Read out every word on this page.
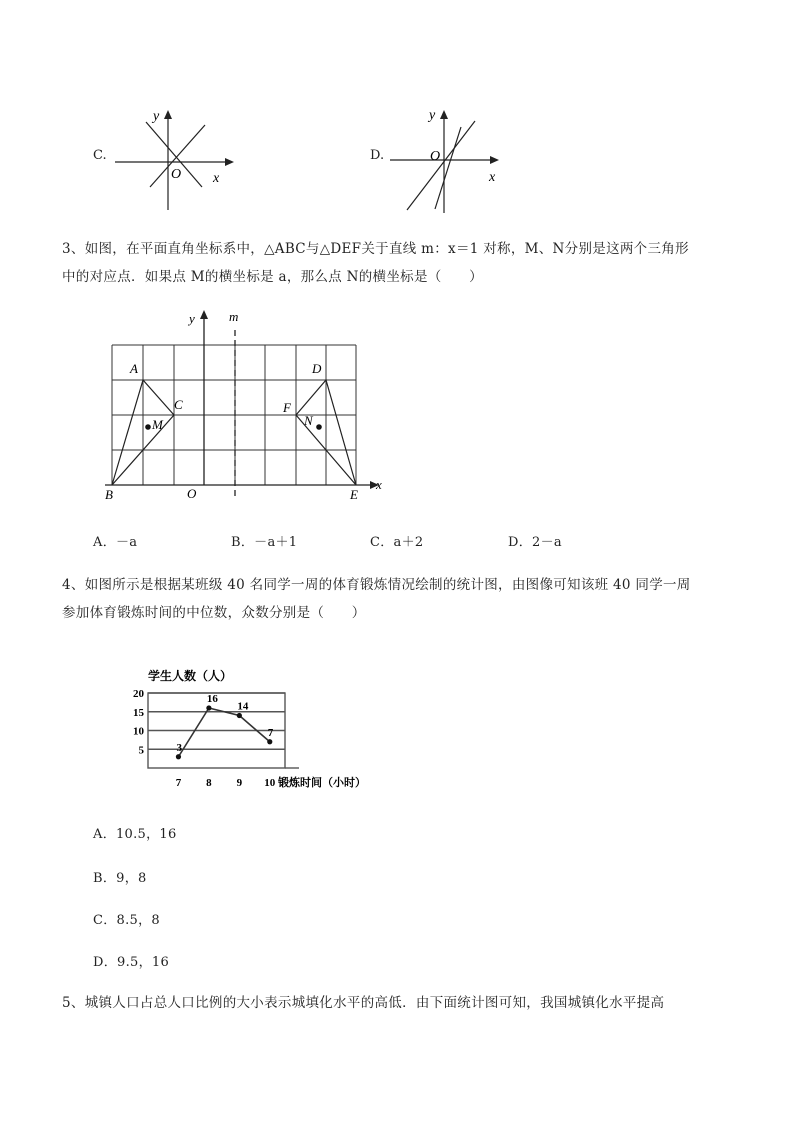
C.
x
y
O
D.
x
y
O
3、如图，在平面直角坐标系中，△ABC与△DEF关于直线 m：x＝1 对称，M、N分别是这两个三角形
中的对应点．如果点 M的横坐标是 a，那么点 N的横坐标是（　　）
y	m
x
O
A
B
C
M
D
E
F
N
A．－a	B．－a＋1	C．a＋2	D．2－a
4、如图所示是根据某班级 40 名同学一周的体育锻炼情况绘制的统计图，由图像可知该班 40 同学一周
参加体育锻炼时间的中位数，众数分别是（　　）
5
10
15
20
7 8 9 10
3
16
14
7
学生人数（人）
锻炼时间（小时）
A．10.5，16
B．9，8
C．8.5，8
D．9.5，16
5、城镇人口占总人口比例的大小表示城填化水平的高低．由下面统计图可知，我国城镇化水平提高
